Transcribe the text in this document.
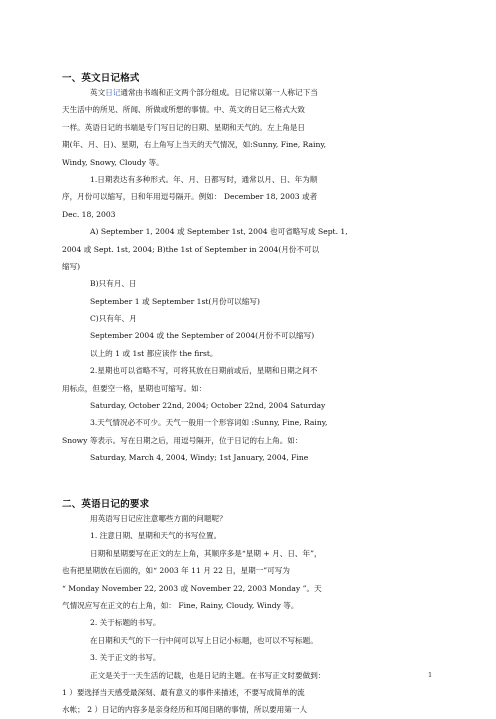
一、英文日记格式
英文日记通常由书端和正文两个部分组成。日记常以第一人称记下当
天生活中的所见、所闻、所做或所想的事情。中、英文的日记三格式大致
一样。英语日记的书端是专门写日记的日期、星期和天气的。左上角是日
期(年、月、日)、星期，右上角写上当天的天气情况，如:Sunny, Fine, Rainy,
Windy, Snowy, Cloudy 等。
1.日期表达有多种形式。年、月、日都写时，通常以月、日、年为顺
序，月份可以缩写，日和年用逗号隔开。例如： December 18, 2003 或者
Dec. 18, 2003
A) September 1, 2004 或 September 1st, 2004 也可省略写成 Sept. 1,
2004 或 Sept. 1st, 2004; B)the 1st of September in 2004(月份不可以
缩写)
B)只有月、日
September 1 或 September 1st(月份可以缩写)
C)只有年、月
September 2004 或 the September of 2004(月份不可以缩写)
以上的 1 或 1st 都应读作 the first。
2.星期也可以省略不写，可将其放在日期前或后，星期和日期之间不
用标点，但要空一格，星期也可缩写。如：
Saturday, October 22nd, 2004; October 22nd, 2004 Saturday
3.天气情况必不可少。天气一般用一个形容词如 :Sunny, Fine, Rainy,
Snowy 等表示。写在日期之后，用逗号隔开，位于日记的右上角。如：
Saturday, March 4, 2004, Windy; 1st January, 2004, Fine
二、英语日记的要求
用英语写日记应注意哪些方面的问题呢？
1. 注意日期、星期和天气的书写位置。
日期和星期要写在正文的左上角，其顺序多是“星期 + 月、日、年”，
也有把星期放在后面的，如“ 2003 年 11 月 22 日，星期一”可写为
“ Monday November 22, 2003 或 November 22, 2003 Monday ”。天
气情况应写在正文的右上角，如： Fine, Rainy, Cloudy, Windy 等。
2. 关于标题的书写。
在日期和天气的下一行中间可以写上日记小标题，也可以不写标题。
3. 关于正文的书写。
正文是关于一天生活的记载，也是日记的主题。在书写正文时要做到：
1 ）要选择当天感受最深刻、最有意义的事件来描述，不要写成简单的流
水帐； 2 ）日记的内容多是亲身经历和耳闻目睹的事情，所以要用第一人
1
